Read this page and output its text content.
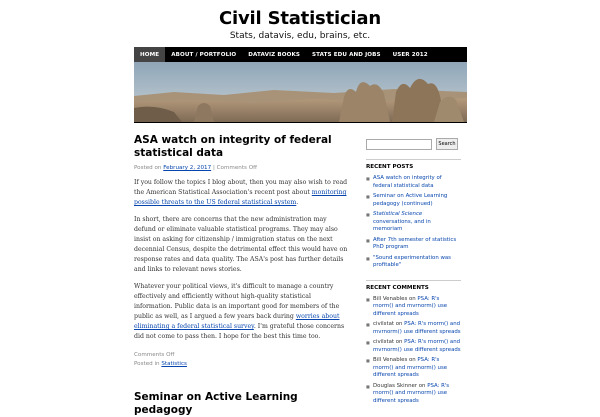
Civil Statistician
Stats, datavis, edu, brains, etc.
HOME	ABOUT / PORTFOLIO	DATAVIZ BOOKS	STATS EDU AND JOBS	USER 2012
ASA watch on integrity of federal statistical data
Posted on February 2, 2017 | Comments Off

If you follow the topics I blog about, then you may also wish to read the American Statistical Association's recent post about monitoring possible threats to the US federal statistical system.

In short, there are concerns that the new administration may defund or eliminate valuable statistical programs. They may also insist on asking for citizenship / immigration status on the next decennial Census, despite the detrimental effect this would have on response rates and data quality. The ASA's post has further details and links to relevant news stories.

Whatever your political views, it's difficult to manage a country effectively and efficiently without high-quality statistical information. Public data is an important good for members of the public as well, as I argued a few years back during worries about eliminating a federal statistical survey. I'm grateful those concerns did not come to pass then. I hope for the best this time too.

Comments Off
Posted in Statistics
Seminar on Active Learning pedagogy
Search
RECENT POSTS
■ ASA watch on integrity of federal statistical data
■ Seminar on Active Learning pedagogy (continued)
■ Statistical Science conversations, and in memoriam
■ After 7th semester of statistics PhD program
■ "Sound experimentation was profitable"
RECENT COMMENTS
■ Bill Venables on PSA: R's rnorm() and mvrnorm() use different spreads
■ civilstat on PSA: R's rnorm() and mvrnorm() use different spreads
■ civilstat on PSA: R's rnorm() and mvrnorm() use different spreads
■ Bill Venables on PSA: R's rnorm() and mvrnorm() use different spreads
■ Douglas Skinner on PSA: R's rnorm() and mvrnorm() use different spreads
